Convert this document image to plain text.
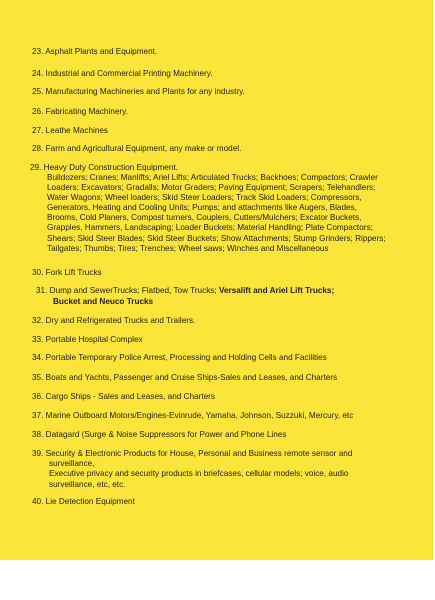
23. Asphalt Plants and Equipment.
24. Industrial and Commercial Printing Machinery.
25. Manufacturing Machineries and Plants for any industry.
26. Fabricating Machinery.
27. Leathe Machines
28. Farm and Agricultural Equipment, any make or model.
29. Heavy Duty Construction Equipment.
Bulldozers; Cranes; Manlifts; Ariel Lifts; Articulated Trucks; Backhoes; Compactors; Crawler Loaders; Excavators; Gradalls; Motor Graders; Paving Equipment; Scrapers; Telehandlers; Water Wagons; Wheel loaders; Skid Steer Loaders; Track Skid Loaders; Compressors, Generators, Heating and Cooling Units; Pumps; and attachments like Augers, Blades, Brooms, Cold Planers, Compost turners, Couplers, Cutters/Mulchers; Excator Buckets, Grapples, Hammers, Landscaping; Loader Buckets; Material Handling; Plate Compactors; Shears; Skid Steer Blades; Skid Steer Buckets; Show Attachments; Stump Grinders; Rippers; Tailgates; Thumbs; Tires; Trenches; Wheel saws; Winches and Miscellaneous
30. Fork Lift Trucks
31. Dump and SewerTrucks; Flatbed, Tow Trucks; Versalift and Ariel Lift Trucks;
Bucket and Neuco Trucks
32. Dry and Refrigerated Trucks and Trailers.
33. Portable Hospital Complex
34. Portable Temporary Police Arrest, Processing and Holding Cells and Facilities
35. Boats and Yachts, Passenger and Cruise Ships-Sales and Leases, and Charters
36. Cargo Ships - Sales and Leases, and Charters
37. Marine Outboard Motors/Engines-Evinrude, Yamaha, Johnson, Suzzuki, Mercury, etc
38. Datagard (Surge & Noise Suppressors for Power and Phone Lines
39. Security & Electronic Products for House, Personal and Business remote sensor and
surveillance,
Executive privacy and security products in briefcases, cellular models; voice, audio
surveillance, etc, etc.
40. Lie Detection Equipment
